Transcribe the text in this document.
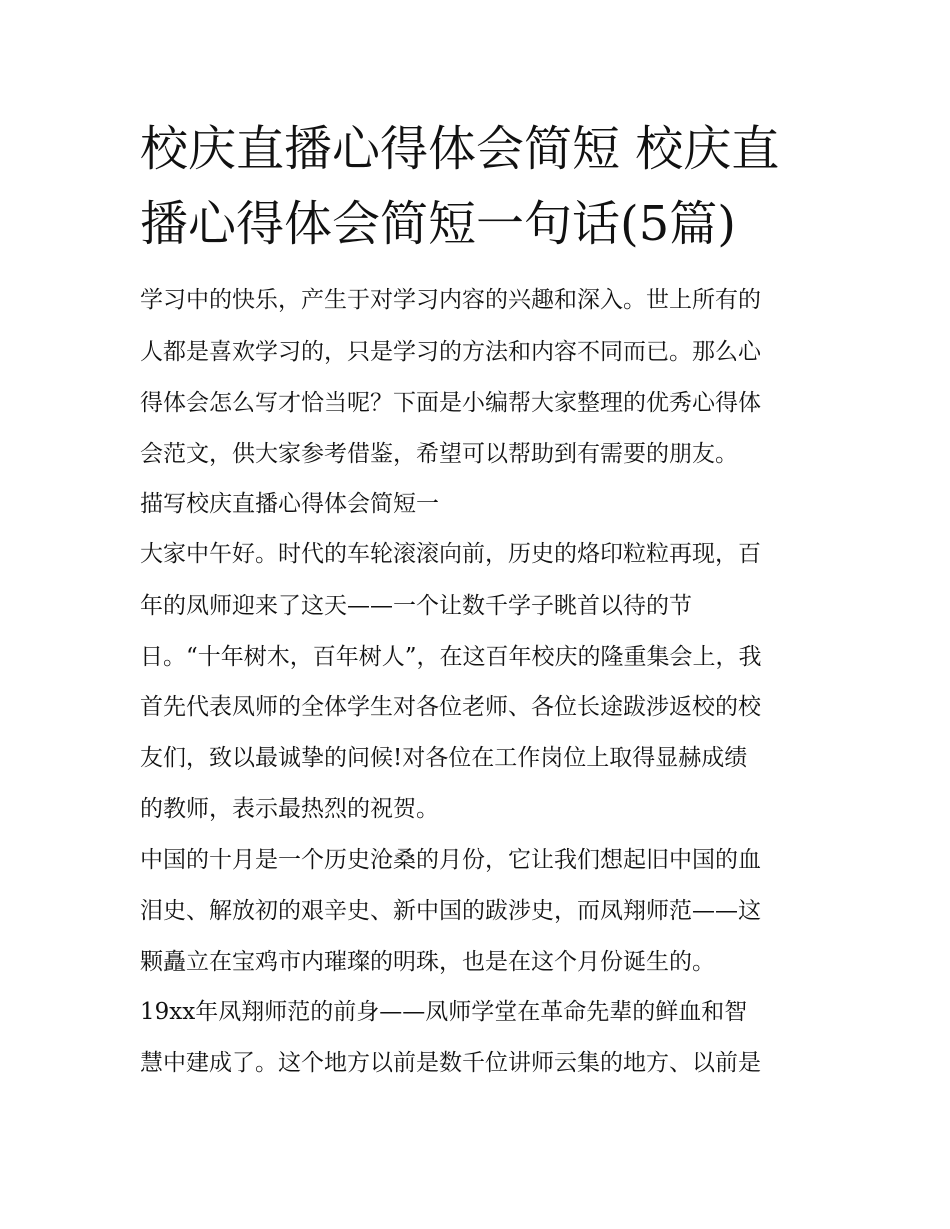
校庆直播心得体会简短 校庆直
播心得体会简短一句话(5篇)

学习中的快乐，产生于对学习内容的兴趣和深入。世上所有的

人都是喜欢学习的，只是学习的方法和内容不同而已。那么心

得体会怎么写才恰当呢？下面是小编帮大家整理的优秀心得体

会范文，供大家参考借鉴，希望可以帮助到有需要的朋友。

描写校庆直播心得体会简短一

大家中午好。时代的车轮滚滚向前，历史的烙印粒粒再现，百

年的凤师迎来了这天——一个让数千学子眺首以待的节

日。“十年树木，百年树人”，在这百年校庆的隆重集会上，我

首先代表凤师的全体学生对各位老师、各位长途跋涉返校的校

友们，致以最诚挚的问候!对各位在工作岗位上取得显赫成绩

的教师，表示最热烈的祝贺。

中国的十月是一个历史沧桑的月份，它让我们想起旧中国的血

泪史、解放初的艰辛史、新中国的跋涉史，而凤翔师范——这

颗矗立在宝鸡市内璀璨的明珠，也是在这个月份诞生的。

19xx年凤翔师范的前身——凤师学堂在革命先辈的鲜血和智

慧中建成了。这个地方以前是数千位讲师云集的地方、以前是
